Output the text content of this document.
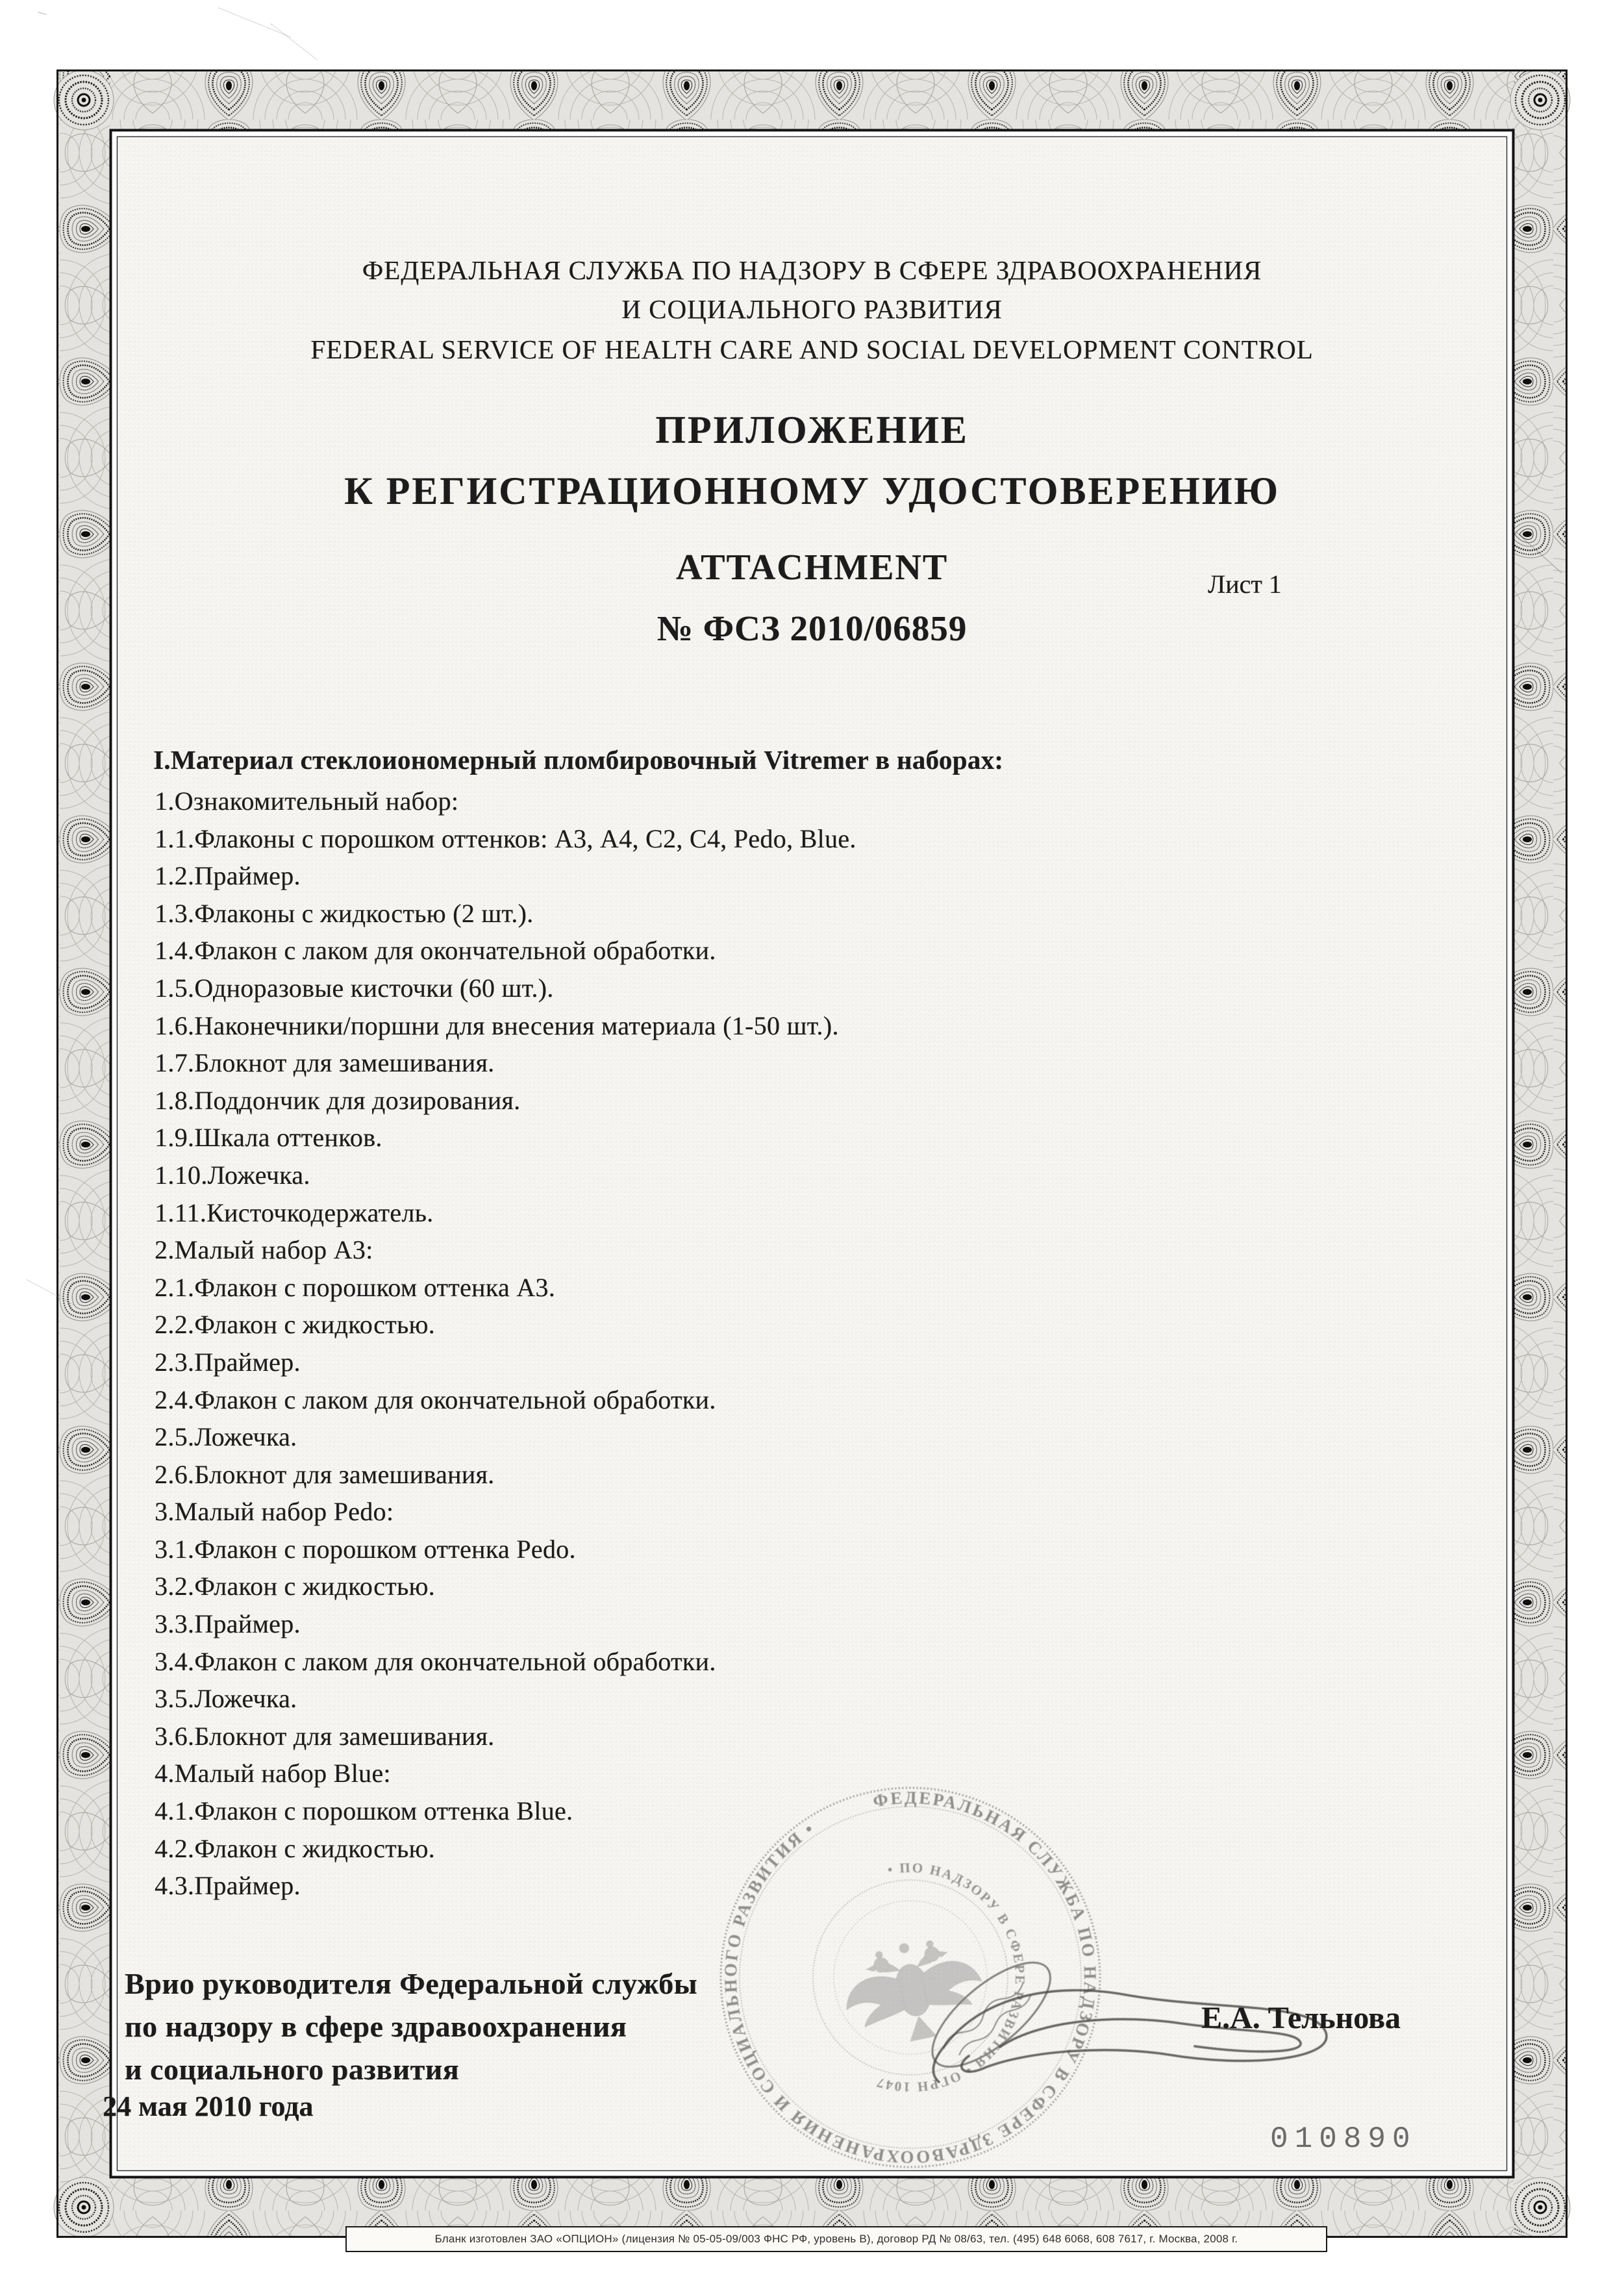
ФЕДЕРАЛЬНАЯ СЛУЖБА ПО НАДЗОРУ В СФЕРЕ ЗДРАВООХРАНЕНИЯ
И СОЦИАЛЬНОГО РАЗВИТИЯ
FEDERAL SERVICE OF HEALTH CARE AND SOCIAL DEVELOPMENT CONTROL
ПРИЛОЖЕНИЕ
К РЕГИСТРАЦИОННОМУ УДОСТОВЕРЕНИЮ
ATTACHMENT	Лист 1
№ ФСЗ 2010/06859
I.Материал стеклоиономерный пломбировочный Vitremer в наборах:
1.Ознакомительный набор:
1.1.Флаконы с порошком оттенков: А3, А4, С2, С4, Pedo, Blue.
1.2.Праймер.
1.3.Флаконы с жидкостью (2 шт.).
1.4.Флакон с лаком для окончательной обработки.
1.5.Одноразовые кисточки (60 шт.).
1.6.Наконечники/поршни для внесения материала (1-50 шт.).
1.7.Блокнот для замешивания.
1.8.Поддончик для дозирования.
1.9.Шкала оттенков.
1.10.Ложечка.
1.11.Кисточкодержатель.
2.Малый набор А3:
2.1.Флакон с порошком оттенка А3.
2.2.Флакон с жидкостью.
2.3.Праймер.
2.4.Флакон с лаком для окончательной обработки.
2.5.Ложечка.
2.6.Блокнот для замешивания.
3.Малый набор Pedo:
3.1.Флакон с порошком оттенка Pedo.
3.2.Флакон с жидкостью.
3.3.Праймер.
3.4.Флакон с лаком для окончательной обработки.
3.5.Ложечка.
3.6.Блокнот для замешивания.
4.Малый набор Blue:
4.1.Флакон с порошком оттенка Blue.
4.2.Флакон с жидкостью.
4.3.Праймер.
ФЕДЕРАЛЬНАЯ СЛУЖБА ПО НАДЗОРУ В СФЕРЕ ЗДРАВООХРАНЕНИЯ И СОЦИАЛЬНОГО РАЗВИТИЯ •
• ПО НАДЗОРУ В СФЕРЕ РАЗВИТИЯ • ОГРН 1047
Врио руководителя Федеральной службы
по надзору в сфере здравоохранения
и социального развития
24 мая 2010 года
Е.А. Тельнова
010890
Бланк изготовлен ЗАО «ОПЦИОН» (лицензия № 05-05-09/003 ФНС РФ, уровень В), договор РД № 08/63, тел. (495) 648 6068, 608 7617, г. Москва, 2008 г.
